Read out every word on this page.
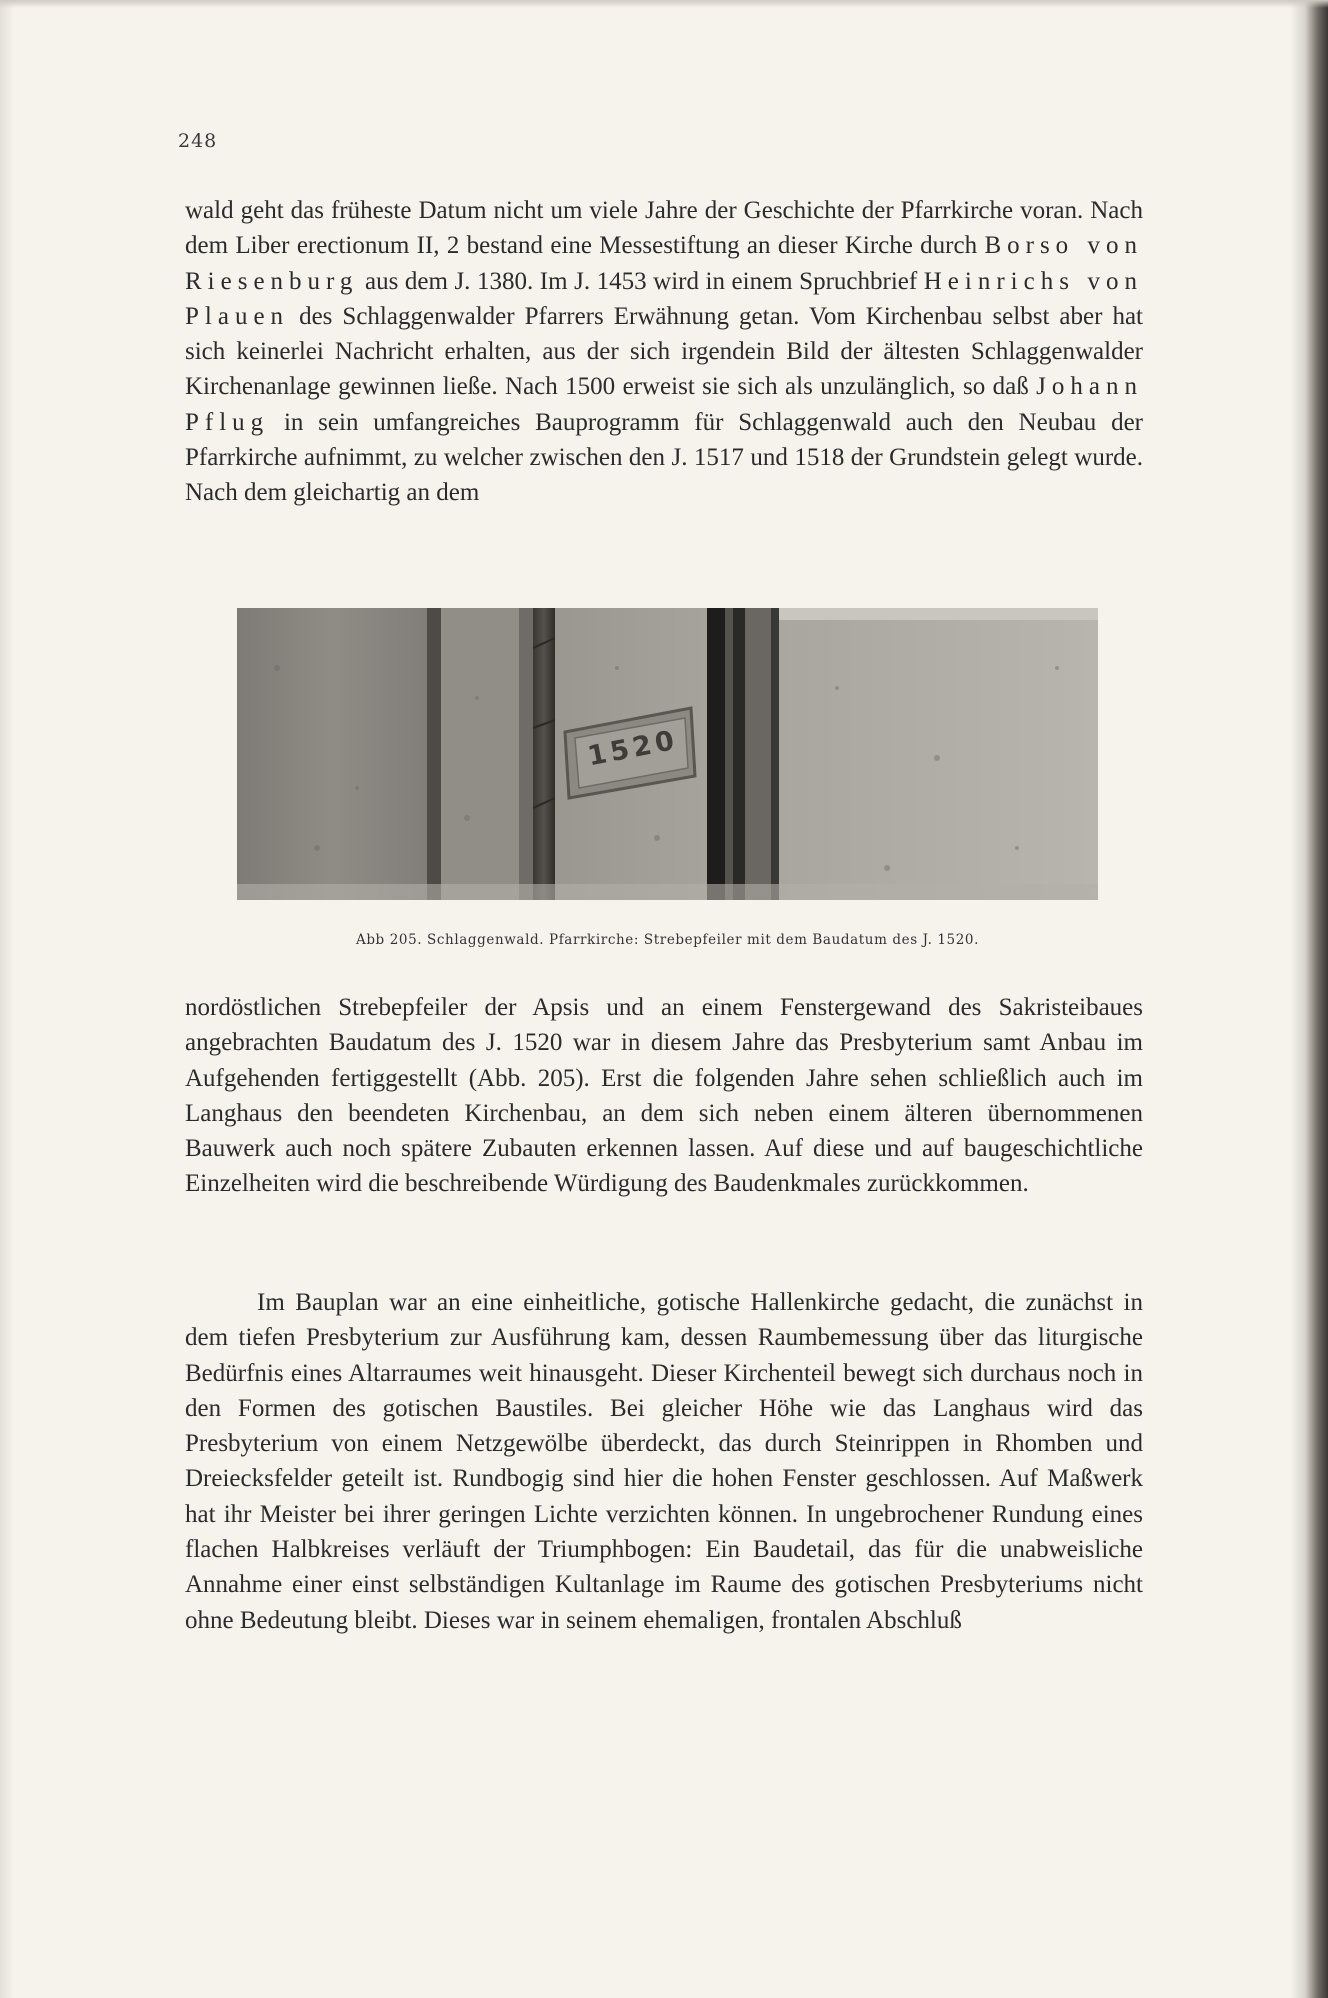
248

wald geht das früheste Datum nicht um viele Jahre der Geschichte der Pfarrkirche voran. Nach dem Liber erectionum II, 2 bestand eine Messestiftung an dieser Kirche durch Borso von Riesenburg aus dem J. 1380. Im J. 1453 wird in einem Spruchbrief Heinrichs von Plauen des Schlaggenwalder Pfarrers Erwähnung getan. Vom Kirchenbau selbst aber hat sich keinerlei Nachricht erhalten, aus der sich irgendein Bild der ältesten Schlaggenwalder Kirchenanlage gewinnen ließe. Nach 1500 erweist sie sich als unzulänglich, so daß Johann Pflug in sein umfangreiches Bauprogramm für Schlaggenwald auch den Neubau der Pfarrkirche aufnimmt, zu welcher zwischen den J. 1517 und 1518 der Grundstein gelegt wurde. Nach dem gleichartig an dem

1520
Abb 205. Schlaggenwald. Pfarrkirche: Strebepfeiler mit dem Baudatum des J. 1520.

nordöstlichen Strebepfeiler der Apsis und an einem Fenstergewand des Sakristeibaues angebrachten Baudatum des J. 1520 war in diesem Jahre das Presbyterium samt Anbau im Aufgehenden fertiggestellt (Abb. 205). Erst die folgenden Jahre sehen schließlich auch im Langhaus den beendeten Kirchenbau, an dem sich neben einem älteren übernommenen Bauwerk auch noch spätere Zubauten erkennen lassen. Auf diese und auf baugeschichtliche Einzelheiten wird die beschreibende Würdigung des Baudenkmales zurückkommen.

Im Bauplan war an eine einheitliche, gotische Hallenkirche gedacht, die zunächst in dem tiefen Presbyterium zur Ausführung kam, dessen Raumbemessung über das liturgische Bedürfnis eines Altarraumes weit hinausgeht. Dieser Kirchenteil bewegt sich durchaus noch in den Formen des gotischen Baustiles. Bei gleicher Höhe wie das Langhaus wird das Presbyterium von einem Netzgewölbe überdeckt, das durch Steinrippen in Rhomben und Dreiecksfelder geteilt ist. Rundbogig sind hier die hohen Fenster geschlossen. Auf Maßwerk hat ihr Meister bei ihrer geringen Lichte verzichten können. In ungebrochener Rundung eines flachen Halbkreises verläuft der Triumphbogen: Ein Baudetail, das für die unabweisliche Annahme einer einst selbständigen Kultanlage im Raume des gotischen Presbyteriums nicht ohne Bedeutung bleibt. Dieses war in seinem ehemaligen, frontalen Abschluß
